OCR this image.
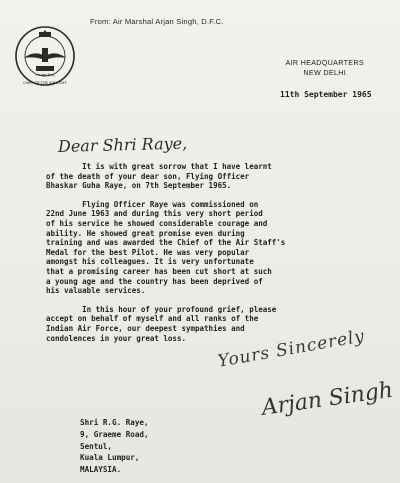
CHIEF OF THE AIR STAFF
नभः स्पृशं दीप्तम्
From: Air Marshal Arjan Singh, D.F.C.
AIR HEADQUARTERS
NEW DELHI
11th September 1965
Dear Shri Raye,

It is with great sorrow that I have learnt
of the death of your dear son, Flying Officer
Bhaskar Guha Raye, on 7th September 1965.

Flying Officer Raye was commissioned on
22nd June 1963 and during this very short period
of his service he showed considerable courage and
ability. He showed great promise even during
training and was awarded the Chief of the Air Staff's
Medal for the best Pilot. He was very popular
amongst his colleagues. It is very unfortunate
that a promising career has been cut short at such
a young age and the country has been deprived of
his valuable services.

In this hour of your profound grief, please
accept on behalf of myself and all ranks of the
Indian Air Force, our deepest sympathies and
condolences in your great loss.	Yours Sincerely
Arjan Singh
Shri R.G. Raye,
9, Graeme Road,
Sentul,
Kuala Lumpur,
MALAYSIA.
